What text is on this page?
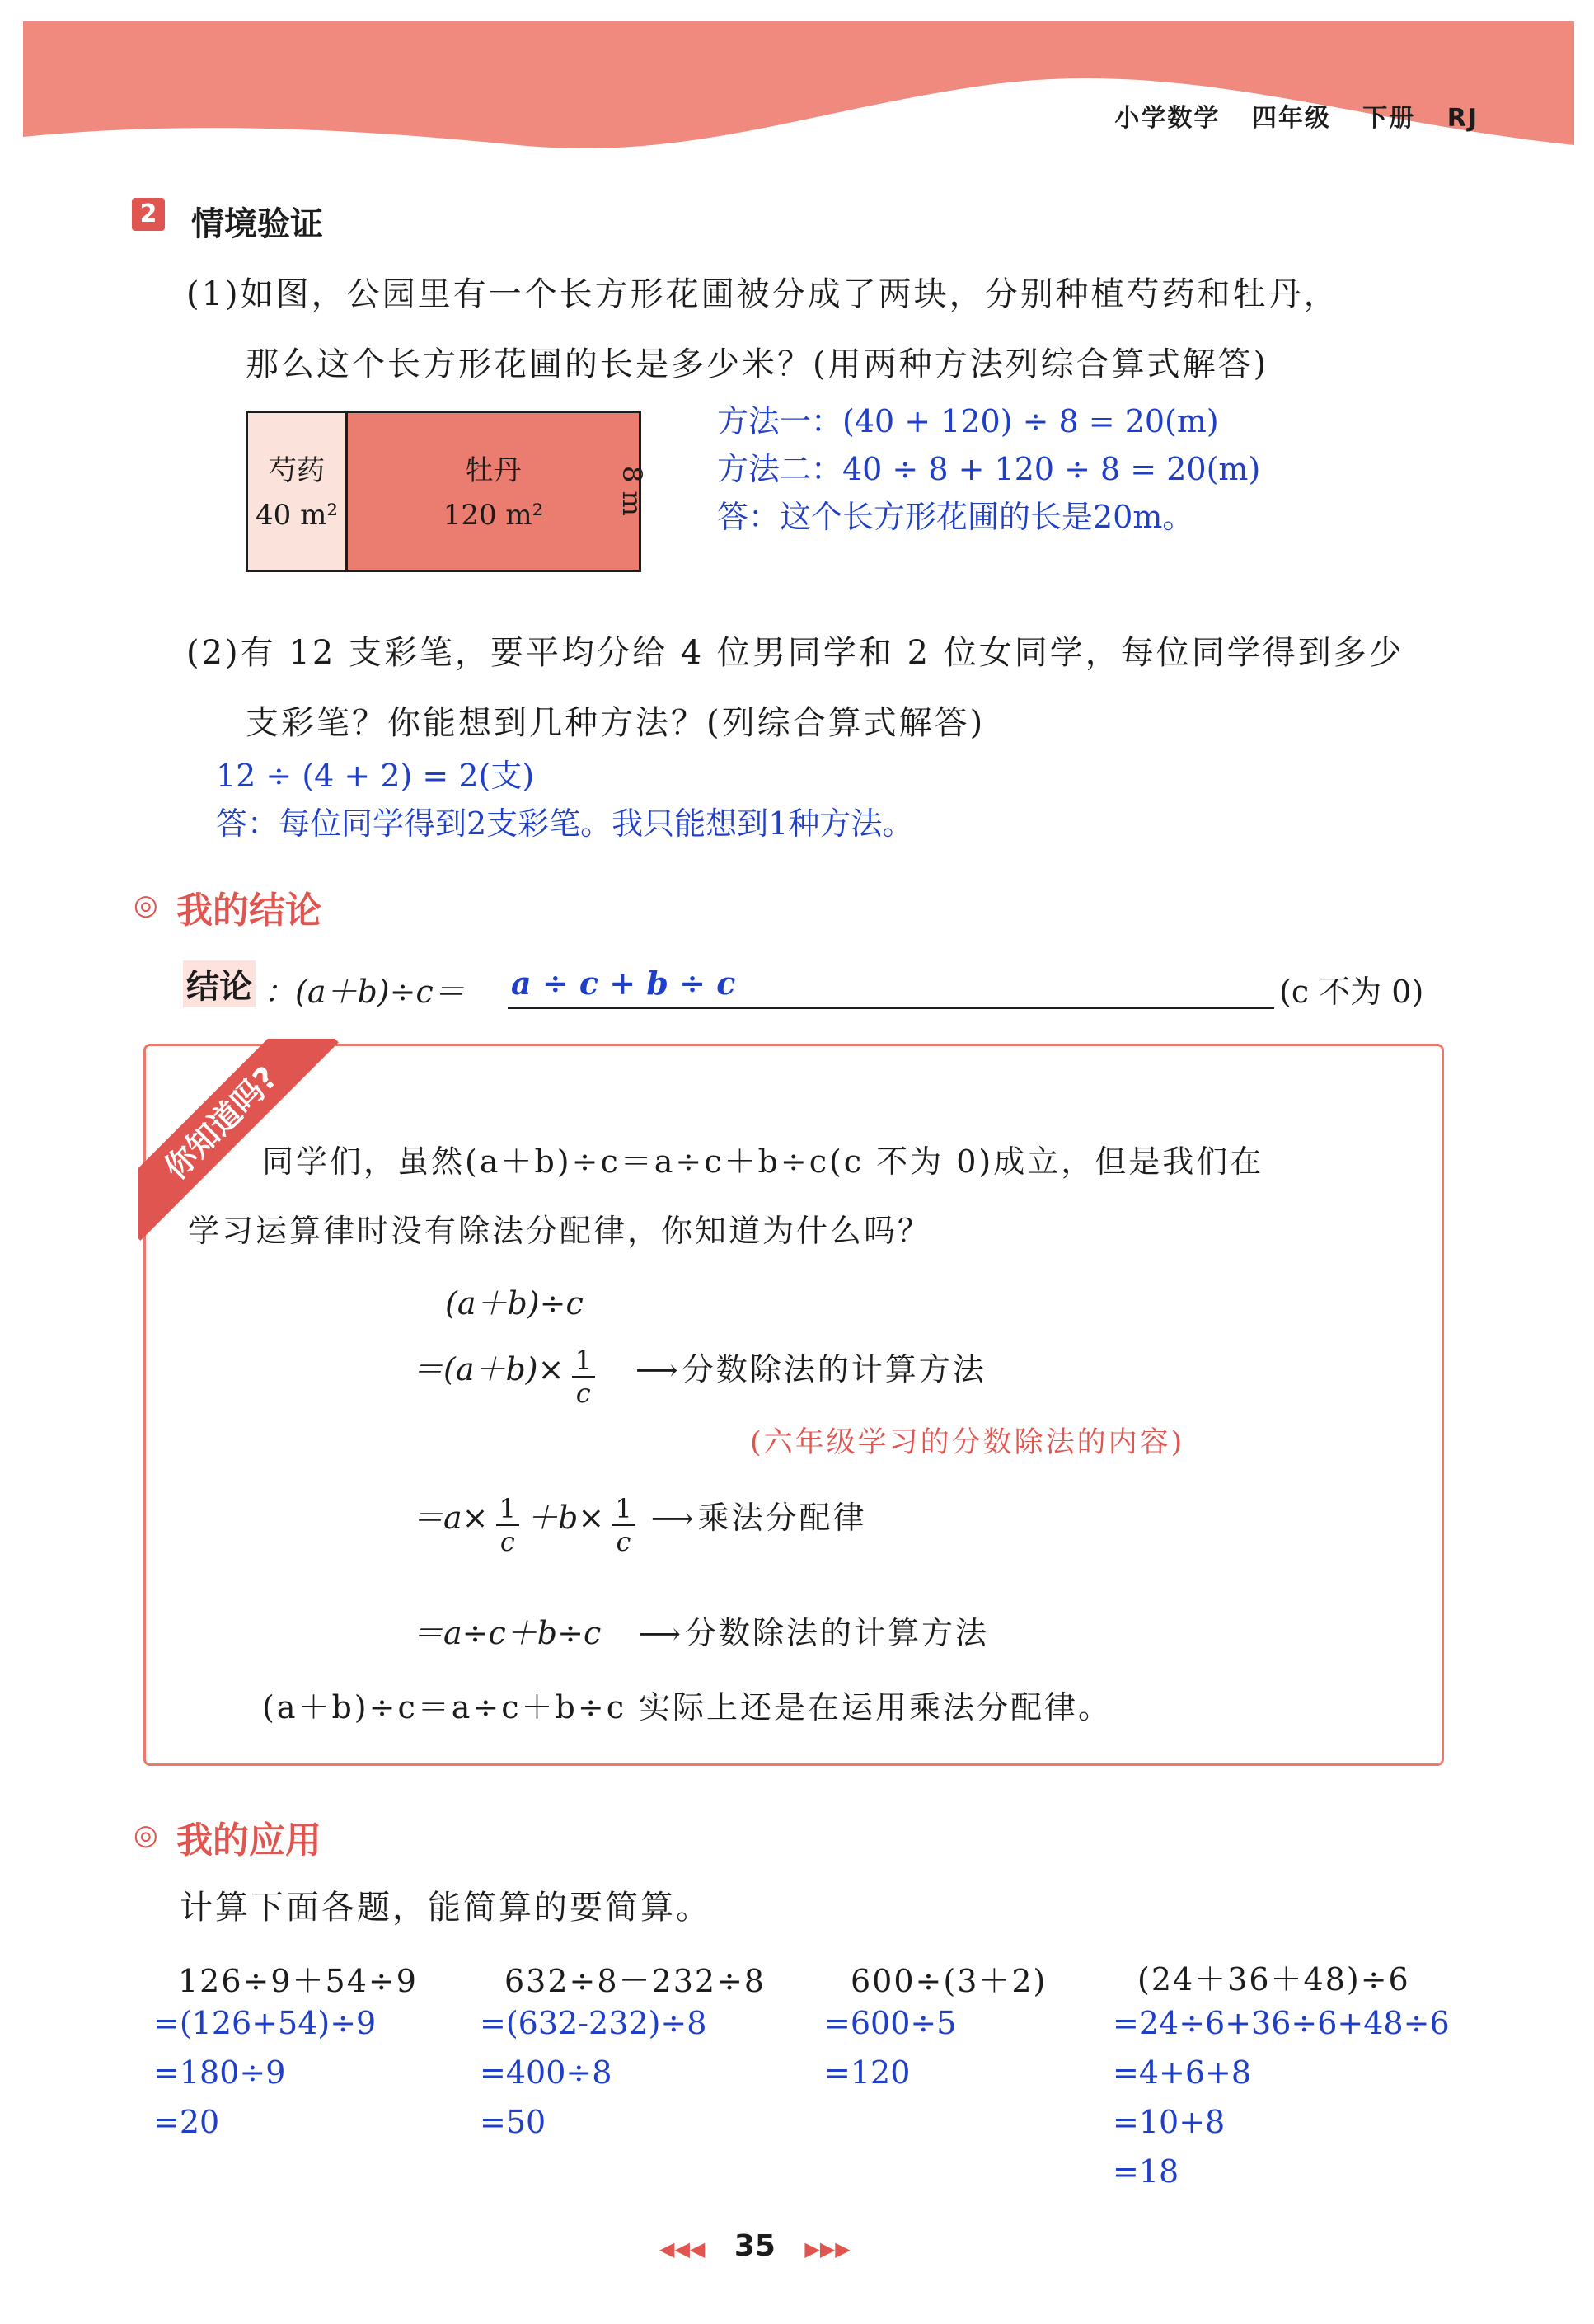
小学数学 四年级 下册 RJ
2 情境验证
(1)如图，公园里有一个长方形花圃被分成了两块，分别种植芍药和牡丹，
那么这个长方形花圃的长是多少米？(用两种方法列综合算式解答)
芍药
40 m²
牡丹
120 m²	8 m
方法一：(40 + 120) ÷ 8 = 20(m)
方法二：40 ÷ 8 + 120 ÷ 8 = 20(m)
答：这个长方形花圃的长是20m。
(2)有 12 支彩笔，要平均分给 4 位男同学和 2 位女同学，每位同学得到多少
支彩笔？你能想到几种方法？(列综合算式解答)
12 ÷ (4 + 2) = 2(支)
答：每位同学得到2支彩笔。我只能想到1种方法。
◎ 我的结论
结论 ：(a＋b)÷c＝ a ÷ c + b ÷ c	(c 不为 0)
你知道吗?
同学们，虽然(a＋b)÷c＝a÷c＋b÷c(c 不为 0)成立，但是我们在
学习运算律时没有除法分配律，你知道为什么吗？
(a＋b)÷c
$=(a+b)\times \frac{1}{c}$ ⟶ 分数除法的计算方法
(六年级学习的分数除法的内容)
$=a\times \frac{1}{c} +b\times \frac{1}{c}$ ⟶ 乘法分配律
＝a÷c＋b÷c ⟶ 分数除法的计算方法
(a＋b)÷c＝a÷c＋b÷c 实际上还是在运用乘法分配律。
◎ 我的应用
计算下面各题，能简算的要简算。
126÷9＋54÷9
=(126+54)÷9
=180÷9
=20
632÷8－232÷8
=(632-232)÷8
=400÷8
=50
600÷(3＋2)
=600÷5
=120
(24＋36＋48)÷6
=24÷6+36÷6+48÷6
=4+6+8
=10+8
=18
◀◀◀ 35 ▶▶▶
